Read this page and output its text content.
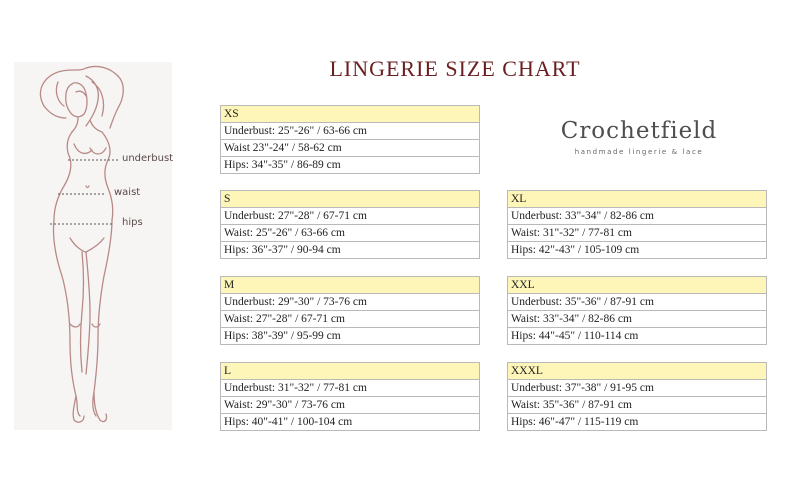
underbust
waist
hips
LINGERIE SIZE CHART
Crochetfield
handmade lingerie & lace
XS
Underbust: 25"-26" / 63-66 cm
Waist 23"-24" / 58-62 cm
Hips: 34"-35" / 86-89 cm
S
Underbust: 27"-28" / 67-71 cm
Waist: 25"-26" / 63-66 cm
Hips: 36"-37" / 90-94 cm
M
Underbust: 29"-30" / 73-76 cm
Waist: 27"-28" / 67-71 cm
Hips: 38"-39" / 95-99 cm
L
Underbust: 31"-32" / 77-81 cm
Waist: 29"-30" / 73-76 cm
Hips: 40"-41" / 100-104 cm
XL
Underbust: 33"-34" / 82-86 cm
Waist: 31"-32" / 77-81 cm
Hips: 42"-43" / 105-109 cm
XXL
Underbust: 35"-36" / 87-91 cm
Waist: 33"-34" / 82-86 cm
Hips: 44"-45" / 110-114 cm
XXXL
Underbust: 37"-38" / 91-95 cm
Waist: 35"-36" / 87-91 cm
Hips: 46"-47" / 115-119 cm
